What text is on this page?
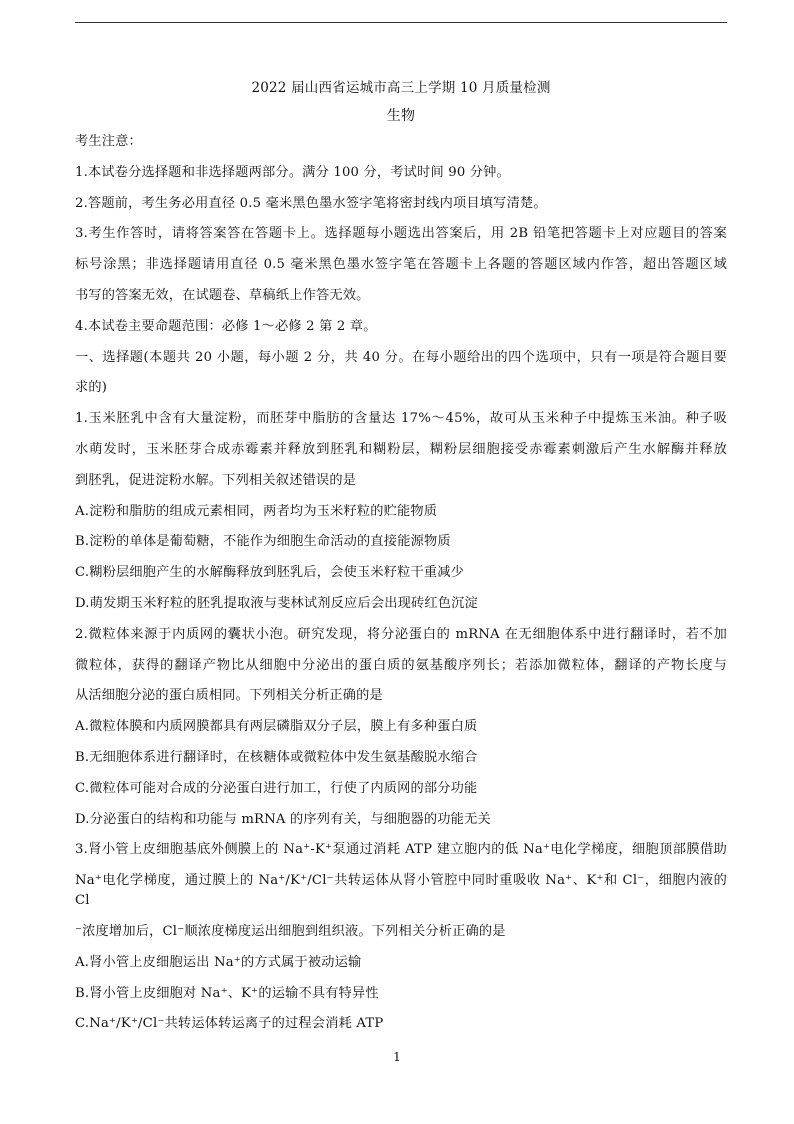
2022 届山西省运城市高三上学期 10 月质量检测
生物
考生注意：
1.本试卷分选择题和非选择题两部分。满分 100 分，考试时间 90 分钟。
2.答题前，考生务必用直径 0.5 毫米黑色墨水签字笔将密封线内项目填写清楚。
3.考生作答时，请将答案答在答题卡上。选择题每小题选出答案后，用 2B 铅笔把答题卡上对应题目的答案
标号涂黑；非选择题请用直径 0.5 毫米黑色墨水签字笔在答题卡上各题的答题区域内作答，超出答题区域
书写的答案无效，在试题卷、草稿纸上作答无效。
4.本试卷主要命题范围：必修 1～必修 2 第 2 章。
一、选择题(本题共 20 小题，每小题 2 分，共 40 分。在每小题给出的四个选项中，只有一项是符合题目要
求的)
1.玉米胚乳中含有大量淀粉，而胚芽中脂肪的含量达 17%～45%，故可从玉米种子中提炼玉米油。种子吸
水萌发时，玉米胚芽合成赤霉素并释放到胚乳和糊粉层，糊粉层细胞接受赤霉素刺激后产生水解酶并释放
到胚乳，促进淀粉水解。下列相关叙述错误的是
A.淀粉和脂肪的组成元素相同，两者均为玉米籽粒的贮能物质
B.淀粉的单体是葡萄糖，不能作为细胞生命活动的直接能源物质
C.糊粉层细胞产生的水解酶释放到胚乳后，会使玉米籽粒干重减少
D.萌发期玉米籽粒的胚乳提取液与斐林试剂反应后会出现砖红色沉淀
2.微粒体来源于内质网的囊状小泡。研究发现，将分泌蛋白的 mRNA 在无细胞体系中进行翻译时，若不加
微粒体，获得的翻译产物比从细胞中分泌出的蛋白质的氨基酸序列长；若添加微粒体，翻译的产物长度与
从活细胞分泌的蛋白质相同。下列相关分析正确的是
A.微粒体膜和内质网膜都具有两层磷脂双分子层，膜上有多种蛋白质
B.无细胞体系进行翻译时，在核糖体或微粒体中发生氨基酸脱水缩合
C.微粒体可能对合成的分泌蛋白进行加工，行使了内质网的部分功能
D.分泌蛋白的结构和功能与 mRNA 的序列有关，与细胞器的功能无关
3.肾小管上皮细胞基底外侧膜上的 Na⁺-K⁺泵通过消耗 ATP 建立胞内的低 Na⁺电化学梯度，细胞顶部膜借助
Na⁺电化学梯度，通过膜上的 Na⁺/K⁺/Cl⁻共转运体从肾小管腔中同时重吸收 Na⁺、K⁺和 Cl⁻，细胞内液的 Cl
⁻浓度增加后，Cl⁻顺浓度梯度运出细胞到组织液。下列相关分析正确的是
A.肾小管上皮细胞运出 Na⁺的方式属于被动运输
B.肾小管上皮细胞对 Na⁺、K⁺的运输不具有特异性
C.Na⁺/K⁺/Cl⁻共转运体转运离子的过程会消耗 ATP
1
